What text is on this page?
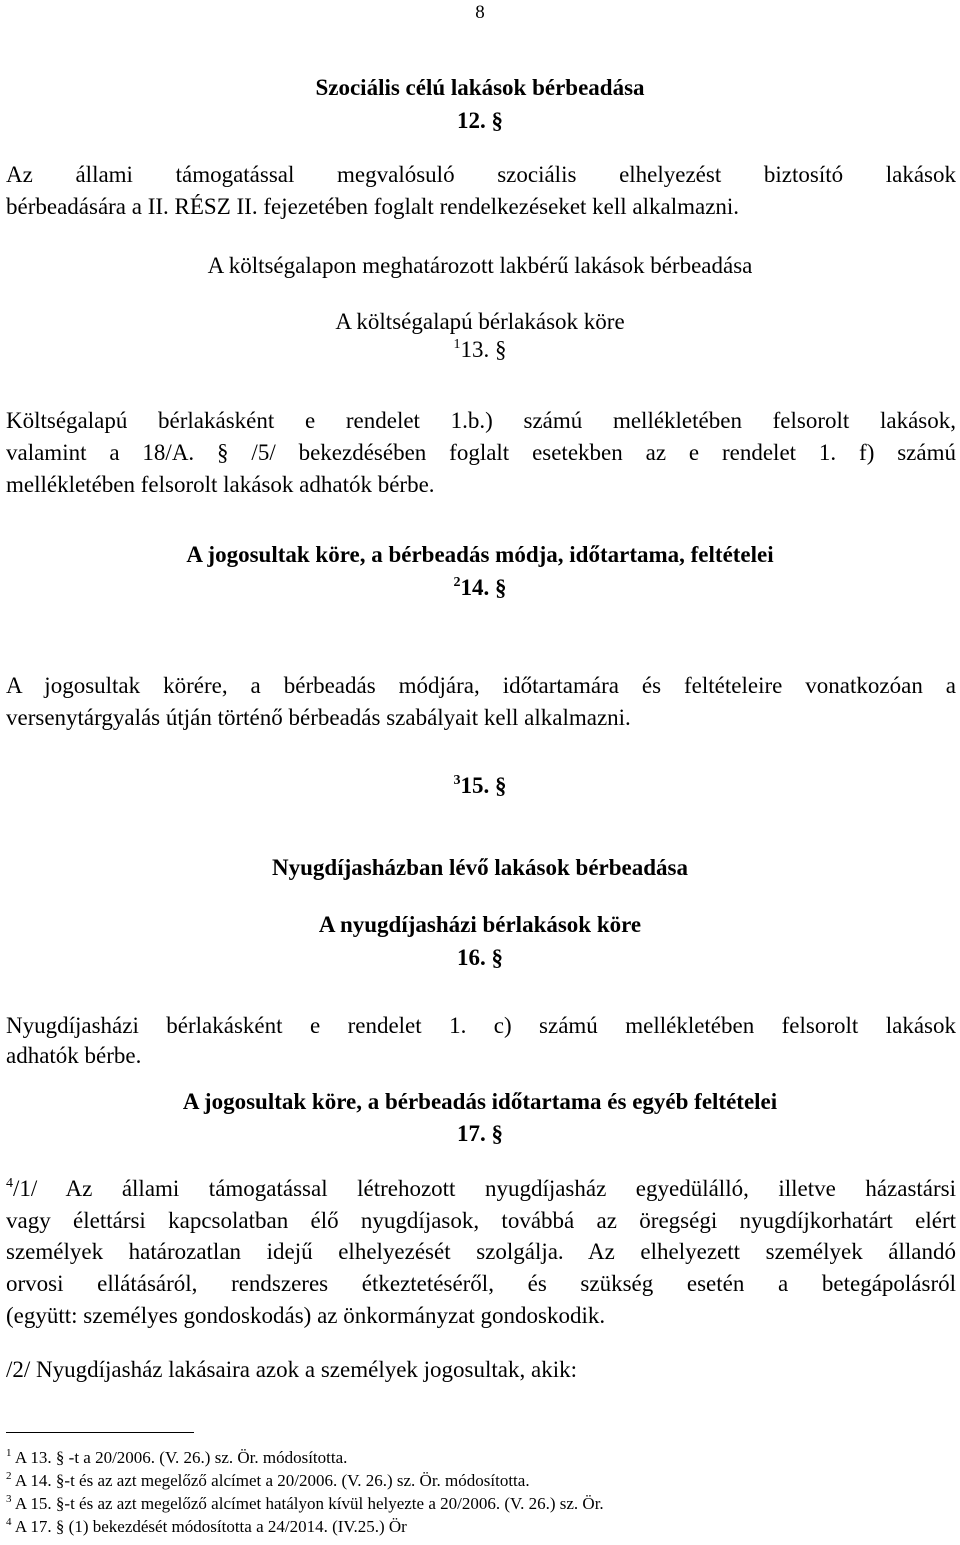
8
Szociális célú lakások bérbeadása
12. §
Az állami támogatással megvalósuló szociális elhelyezést biztosító lakások
bérbeadására a II. RÉSZ II. fejezetében foglalt rendelkezéseket kell alkalmazni.
A költségalapon meghatározott lakbérű lakások bérbeadása
A költségalapú bérlakások köre
$^1$13. §
Költségalapú bérlakásként e rendelet 1.b.) számú mellékletében felsorolt lakások,
valamint a 18/A. § /5/ bekezdésében foglalt esetekben az e rendelet 1. f) számú
mellékletében felsorolt lakások adhatók bérbe.
A jogosultak köre, a bérbeadás módja, időtartama, feltételei
$^2$14. §
A jogosultak körére, a bérbeadás módjára, időtartamára és feltételeire vonatkozóan a
versenytárgyalás útján történő bérbeadás szabályait kell alkalmazni.
$^3$15. §
Nyugdíjasházban lévő lakások bérbeadása
A nyugdíjasházi bérlakások köre
16. §
Nyugdíjasházi bérlakásként e rendelet 1. c) számú mellékletében felsorolt lakások
adhatók bérbe.
A jogosultak köre, a bérbeadás időtartama és egyéb feltételei
17. §
$^4$/1/ Az állami támogatással létrehozott nyugdíjasház egyedülálló, illetve házastársi
vagy élettársi kapcsolatban élő nyugdíjasok, továbbá az öregségi nyugdíjkorhatárt elért
személyek határozatlan idejű elhelyezését szolgálja. Az elhelyezett személyek állandó
orvosi ellátásáról, rendszeres étkeztetéséről, és szükség esetén a betegápolásról
(együtt: személyes gondoskodás) az önkormányzat gondoskodik.
/2/ Nyugdíjasház lakásaira azok a személyek jogosultak, akik:
$^1$ A 13. § -t a 20/2006. (V. 26.) sz. Ör. módosította.
$^2$ A 14. §-t és az azt megelőző alcímet a 20/2006. (V. 26.) sz. Ör. módosította.
$^3$ A 15. §-t és az azt megelőző alcímet hatályon kívül helyezte a 20/2006. (V. 26.) sz. Ör.
$^4$ A 17. § (1) bekezdését módosította a 24/2014. (IV.25.) Ör
